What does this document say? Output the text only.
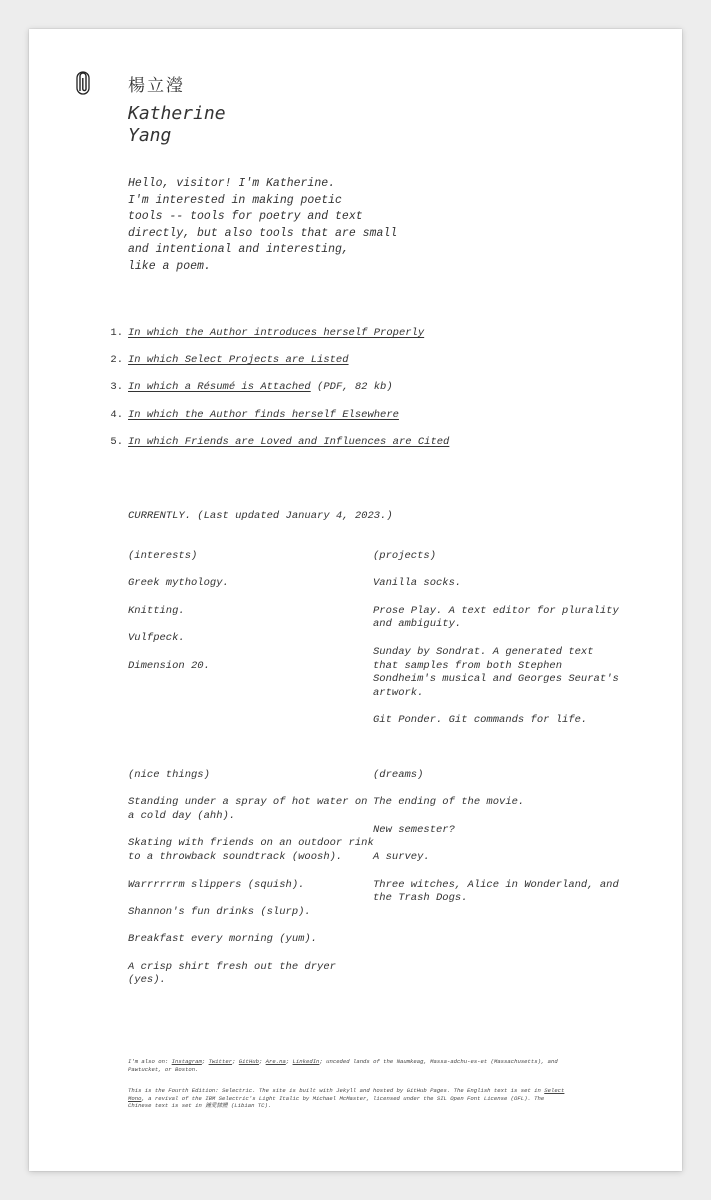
楊立瀅
Katherine
Yang
Hello, visitor! I'm Katherine.
I'm interested in making poetic
tools -- tools for poetry and text
directly, but also tools that are small
and intentional and interesting,
like a poem.
1. In which the Author introduces herself Properly
2. In which Select Projects are Listed
3. In which a Résumé is Attached (PDF, 82 kb)
4. In which the Author finds herself Elsewhere
5. In which Friends are Loved and Influences are Cited
CURRENTLY. (Last updated January 4, 2023.)
(interests)
Greek mythology.
Knitting.
Vulfpeck.
Dimension 20.
(projects)
Vanilla socks.
Prose Play. A text editor for plurality
and ambiguity.
Sunday by Sondrat. A generated text
that samples from both Stephen
Sondheim's musical and Georges Seurat's
artwork.
Git Ponder. Git commands for life.
(nice things)
Standing under a spray of hot water on
a cold day (ahh).
Skating with friends on an outdoor rink
to a throwback soundtrack (woosh).
Warrrrrrm slippers (squish).
Shannon's fun drinks (slurp).
Breakfast every morning (yum).
A crisp shirt fresh out the dryer
(yes).
(dreams)
The ending of the movie.
New semester?
A survey.
Three witches, Alice in Wonderland, and
the Trash Dogs.
I'm also on: Instagram; Twitter; GitHub; Are.na; LinkedIn; unceded lands of the Naumkeag, Massa-adchu-es-et (Massachusetts), and
Pawtucket, or Boston.
This is the Fourth Edition: Selectric. The site is built with Jekyll and hosted by GitHub Pages. The English text is set in Select
Mono, a revival of the IBM Selectric's Light Italic by Michael McMaster, licensed under the SIL Open Font License (OFL). The
Chinese text is set in 鍾愛隸體 (Libian TC).
